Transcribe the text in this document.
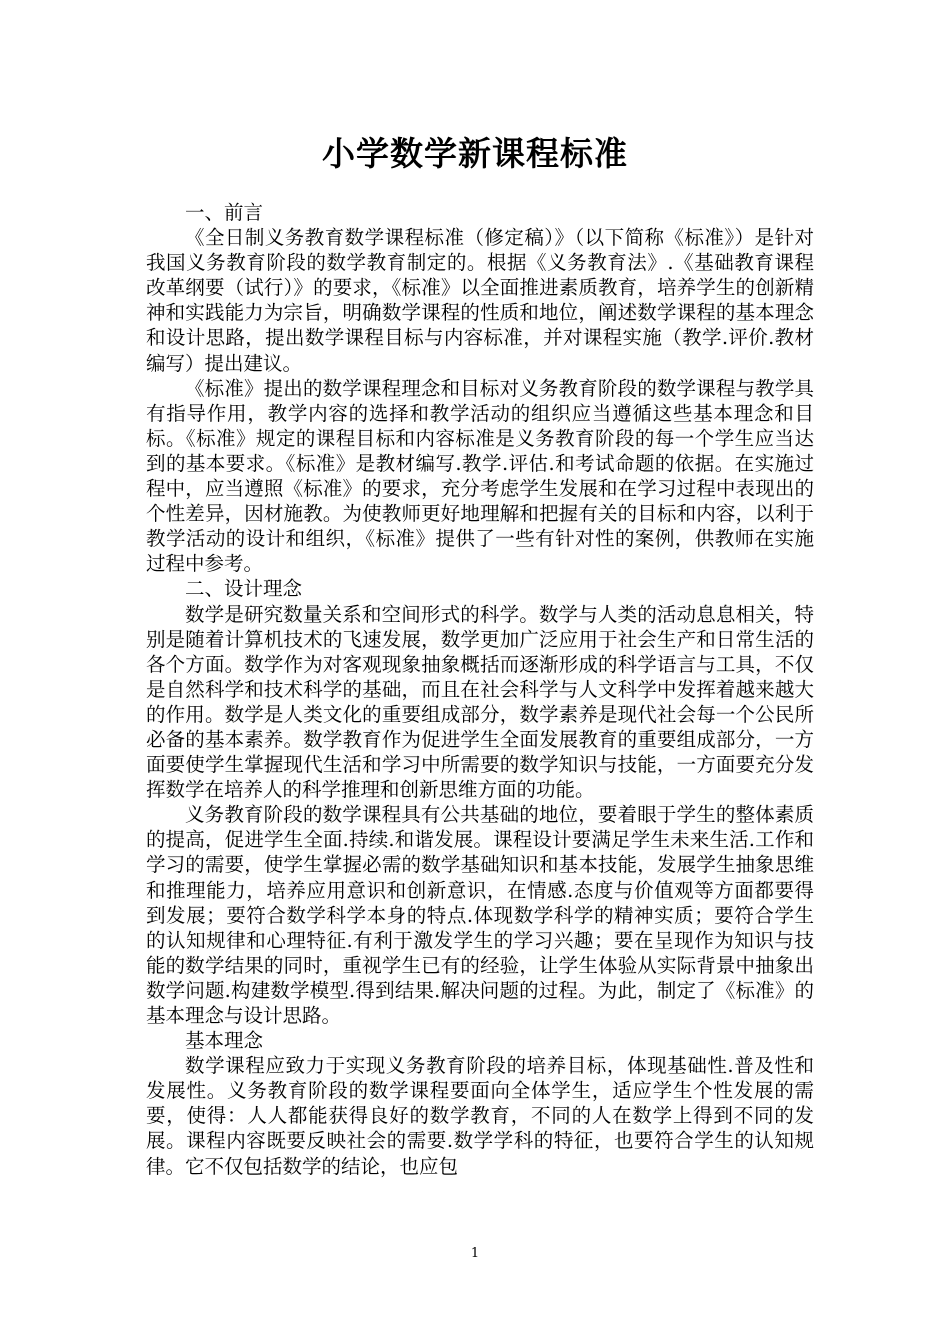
小学数学新课程标准

一、前言

《全日制义务教育数学课程标准（修定稿）》（以下简称《标准》）是针对我国义务教育阶段的数学教育制定的。根据《义务教育法》.《基础教育课程改革纲要（试行）》的要求，《标准》以全面推进素质教育，培养学生的创新精神和实践能力为宗旨，明确数学课程的性质和地位，阐述数学课程的基本理念和设计思路，提出数学课程目标与内容标准，并对课程实施（教学.评价.教材编写）提出建议。

《标准》提出的数学课程理念和目标对义务教育阶段的数学课程与教学具有指导作用，教学内容的选择和教学活动的组织应当遵循这些基本理念和目标。《标准》规定的课程目标和内容标准是义务教育阶段的每一个学生应当达到的基本要求。《标准》是教材编写.教学.评估.和考试命题的依据。在实施过程中，应当遵照《标准》的要求，充分考虑学生发展和在学习过程中表现出的个性差异，因材施教。为使教师更好地理解和把握有关的目标和内容，以利于教学活动的设计和组织，《标准》提供了一些有针对性的案例，供教师在实施过程中参考。

二、设计理念

数学是研究数量关系和空间形式的科学。数学与人类的活动息息相关，特别是随着计算机技术的飞速发展，数学更加广泛应用于社会生产和日常生活的各个方面。数学作为对客观现象抽象概括而逐渐形成的科学语言与工具，不仅是自然科学和技术科学的基础，而且在社会科学与人文科学中发挥着越来越大的作用。数学是人类文化的重要组成部分，数学素养是现代社会每一个公民所必备的基本素养。数学教育作为促进学生全面发展教育的重要组成部分，一方面要使学生掌握现代生活和学习中所需要的数学知识与技能，一方面要充分发挥数学在培养人的科学推理和创新思维方面的功能。

义务教育阶段的数学课程具有公共基础的地位，要着眼于学生的整体素质的提高，促进学生全面.持续.和谐发展。课程设计要满足学生未来生活.工作和学习的需要，使学生掌握必需的数学基础知识和基本技能，发展学生抽象思维和推理能力，培养应用意识和创新意识，在情感.态度与价值观等方面都要得到发展；要符合数学科学本身的特点.体现数学科学的精神实质；要符合学生的认知规律和心理特征.有利于激发学生的学习兴趣；要在呈现作为知识与技能的数学结果的同时，重视学生已有的经验，让学生体验从实际背景中抽象出数学问题.构建数学模型.得到结果.解决问题的过程。为此，制定了《标准》的基本理念与设计思路。

基本理念

数学课程应致力于实现义务教育阶段的培养目标，体现基础性.普及性和发展性。义务教育阶段的数学课程要面向全体学生，适应学生个性发展的需要，使得：人人都能获得良好的数学教育，不同的人在数学上得到不同的发展。课程内容既要反映社会的需要.数学学科的特征，也要符合学生的认知规律。它不仅包括数学的结论，也应包

1
